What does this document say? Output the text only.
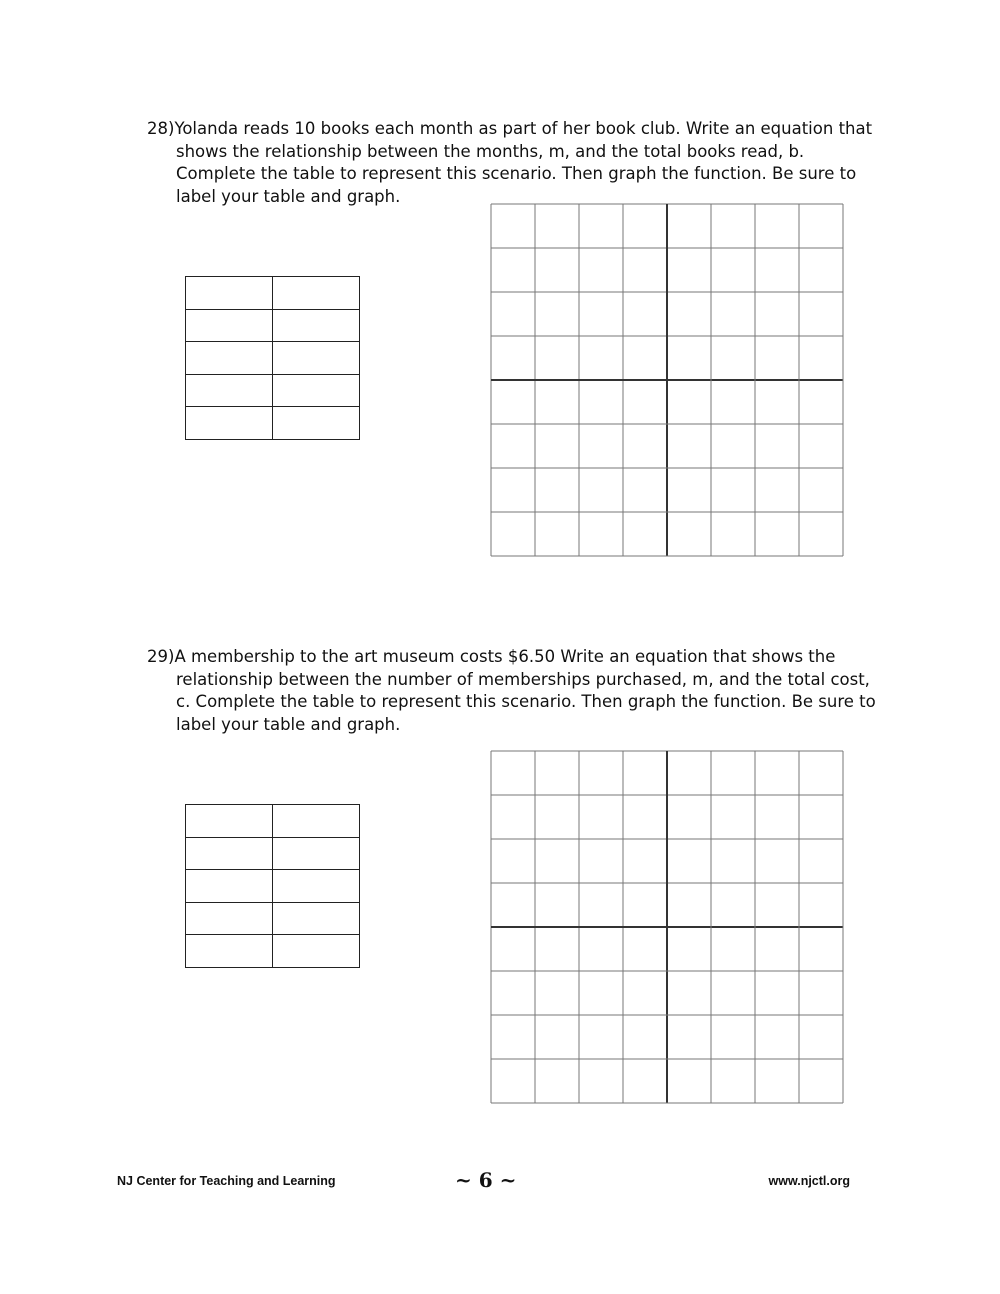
28)Yolanda reads 10 books each month as part of her book club. Write an equation that shows the relationship between the months, m, and the total books read, b. Complete the table to represent this scenario. Then graph the function. Be sure to label your table and graph.

29)A membership to the art museum costs $6.50 Write an equation that shows the relationship between the number of memberships purchased, m, and the total cost, c. Complete the table to represent this scenario. Then graph the function. Be sure to label your table and graph.

NJ Center for Teaching and Learning	~ 6 ~	www.njctl.org
